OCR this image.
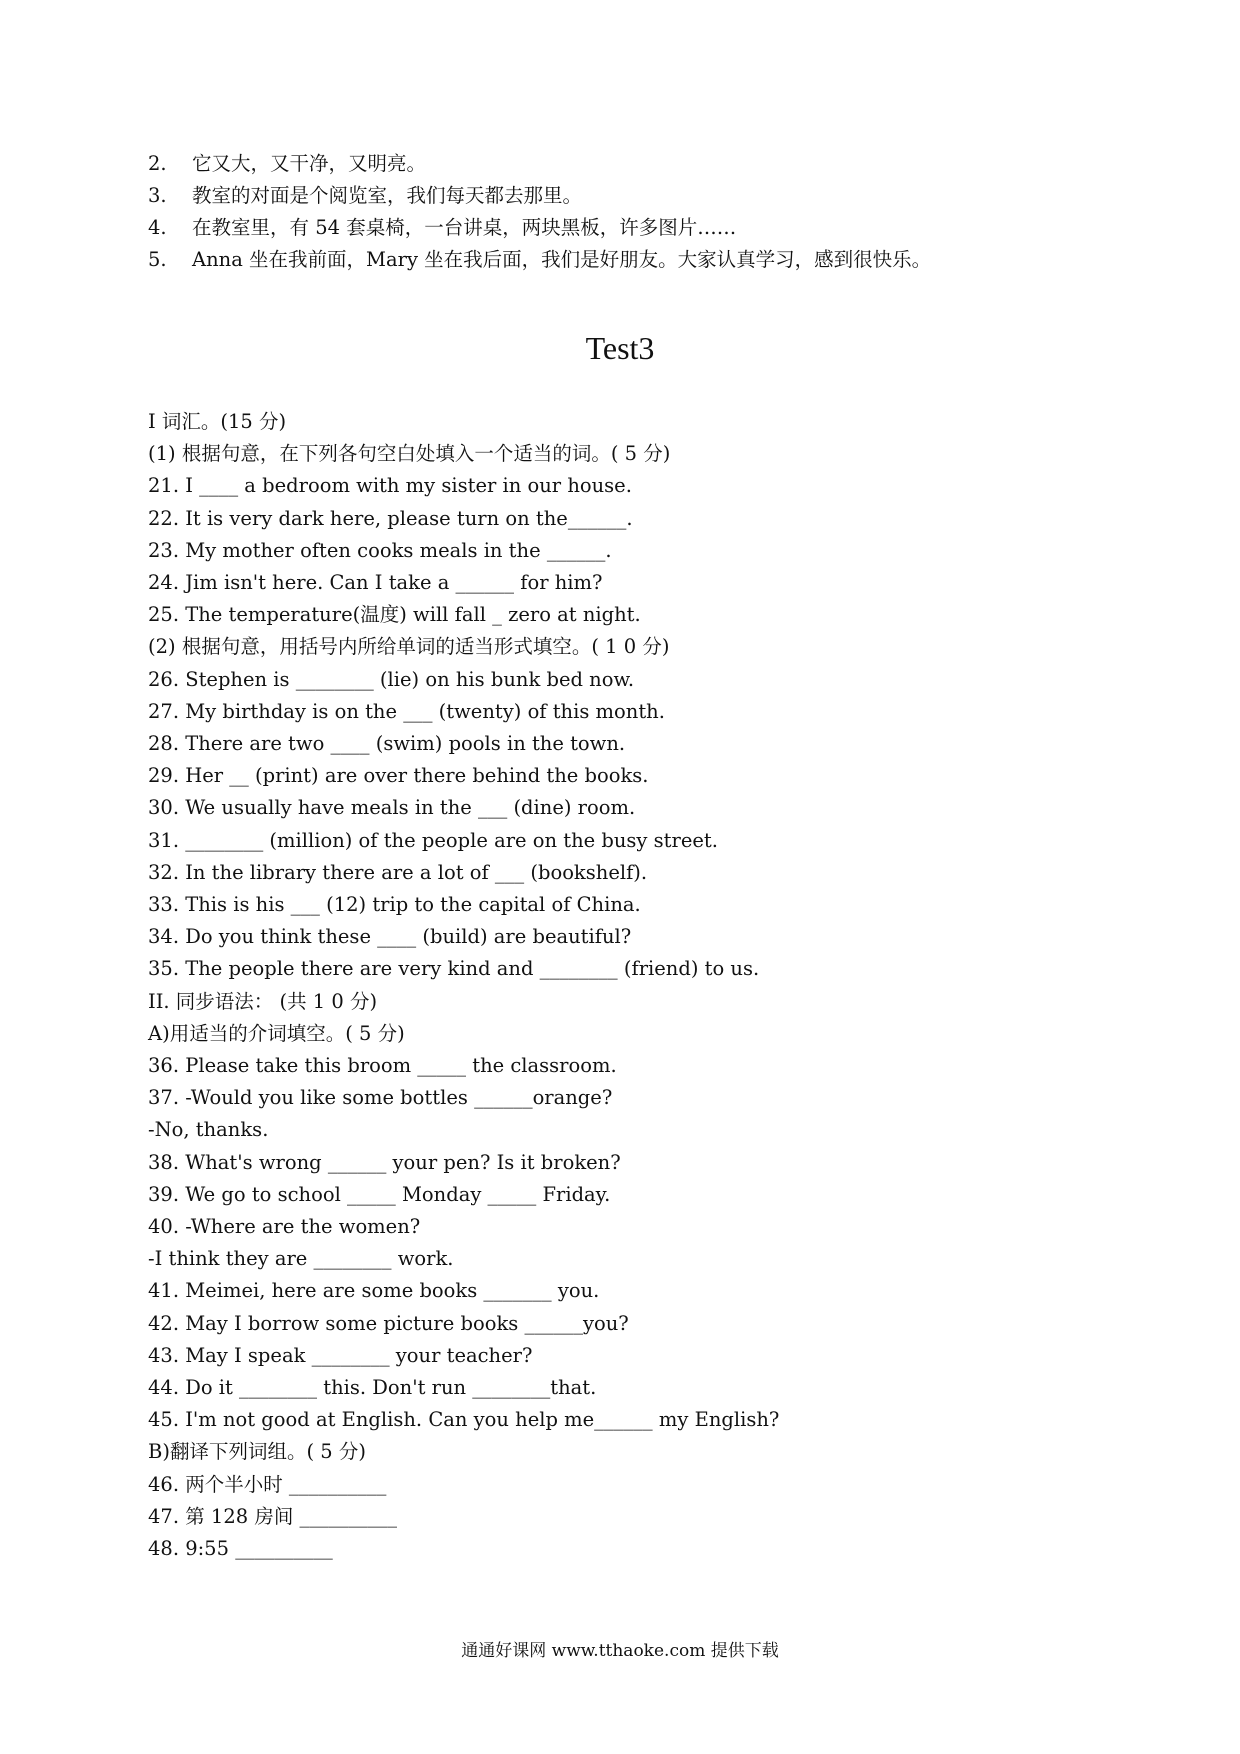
2. 它又大，又干净，又明亮。
3. 教室的对面是个阅览室，我们每天都去那里。
4. 在教室里，有 54 套桌椅，一台讲桌，两块黑板，许多图片……
5. Anna 坐在我前面，Mary 坐在我后面，我们是好朋友。大家认真学习，感到很快乐。
Test3
I 词汇。(15 分)
(1) 根据句意，在下列各句空白处填入一个适当的词。( 5 分)
21. I ____ a bedroom with my sister in our house.
22. It is very dark here, please turn on the______.
23. My mother often cooks meals in the ______.
24. Jim isn't here. Can I take a ______ for him?
25. The temperature(温度) will fall _ zero at night.
(2) 根据句意，用括号内所给单词的适当形式填空。( 1 0 分)
26. Stephen is ________ (lie) on his bunk bed now.
27. My birthday is on the ___ (twenty) of this month.
28. There are two ____ (swim) pools in the town.
29. Her __ (print) are over there behind the books.
30. We usually have meals in the ___ (dine) room.
31. ________ (million) of the people are on the busy street.
32. In the library there are a lot of ___ (bookshelf).
33. This is his ___ (12) trip to the capital of China.
34. Do you think these ____ (build) are beautiful?
35. The people there are very kind and ________ (friend) to us.
II. 同步语法： (共 1 0 分)
A)用适当的介词填空。( 5 分)
36. Please take this broom _____ the classroom.
37. -Would you like some bottles ______orange?
-No, thanks.
38. What's wrong ______ your pen? Is it broken?
39. We go to school _____ Monday _____ Friday.
40. -Where are the women?
-I think they are ________ work.
41. Meimei, here are some books _______ you.
42. May I borrow some picture books ______you?
43. May I speak ________ your teacher?
44. Do it ________ this. Don't run ________that.
45. I'm not good at English. Can you help me______ my English?
B)翻译下列词组。( 5 分)
46. 两个半小时 __________
47. 第 128 房间 __________
48. 9:55 __________
通通好课网 www.tthaoke.com 提供下载
